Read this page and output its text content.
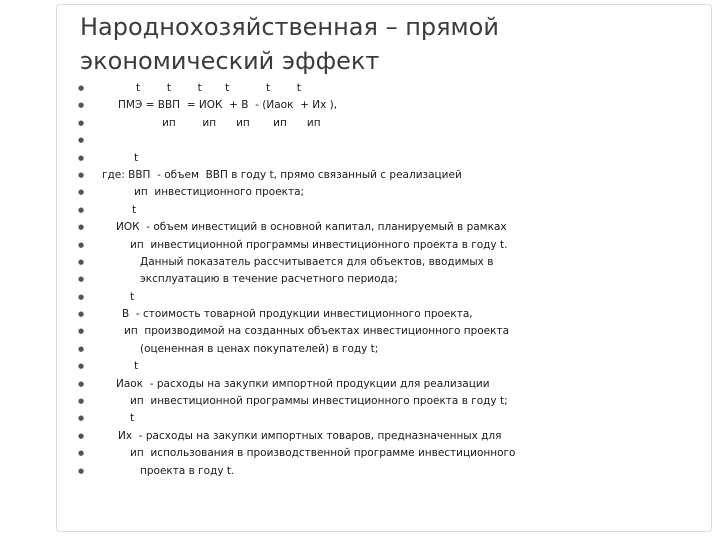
Народнохозяйственная – прямой экономический эффект
●	t        t        t       t           t        t
●	ПМЭ = ВВП  = ИОК  + В  - (Иаок  + Их ),
●	ип        ип      ип       ип      ип
●
●	t
● где: ВВП  - объем  ВВП в году t, прямо связанный с реализацией
●	ип  инвестиционного проекта;
●	t
●	ИОК  - объем инвестиций в основной капитал, планируемый в рамках
●	ип  инвестиционной программы инвестиционного проекта в году t.
●	Данный показатель рассчитывается для объектов, вводимых в
●	эксплуатацию в течение расчетного периода;
●	t
●	В  - стоимость товарной продукции инвестиционного проекта,
●	ип  производимой на созданных объектах инвестиционного проекта
●	(оцененная в ценах покупателей) в году t;
●	t
●	Иаок  - расходы на закупки импортной продукции для реализации
●	ип  инвестиционной программы инвестиционного проекта в году t;
●	t
●	Их  - расходы на закупки импортных товаров, предназначенных для
●	ип  использования в производственной программе инвестиционного
●	проекта в году t.
